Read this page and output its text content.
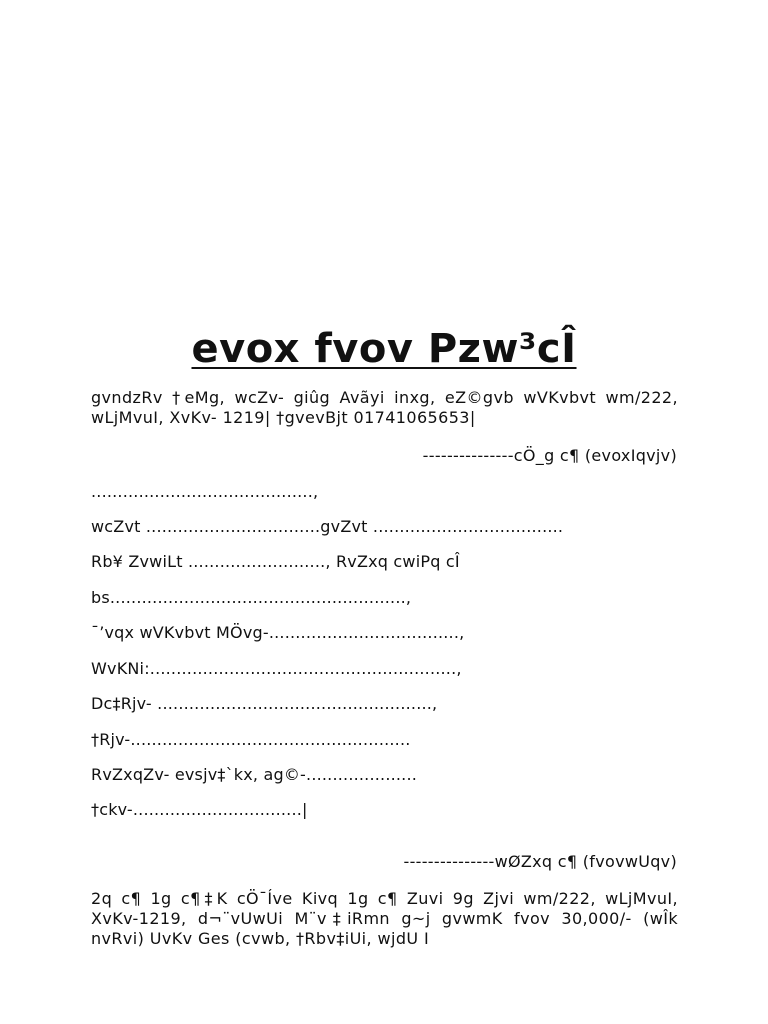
evox fvov Pzw³cÎ
gvndzRv †eMg, wcZv- giûg Avãyi inxg, eZ©gvb wVKvbvt wm/222, wLjMvuI, XvKv- 1219| †gvevBjt 01741065653|
---------------cÖ_g c¶ (evoxIqvjv)
..........................................,
wcZvt .................................gvZvt ....................................
Rb¥ ZvwiLt .........................., RvZxq cwiPq cÎ
bs........................................................,
¯’vqx wVKvbvt MÖvg-....................................,
WvKNi:..........................................................,
Dc‡Rjv- ....................................................,
†Rjv-.....................................................
RvZxqZv- evsjv‡`kx, ag©-.....................
†ckv-................................|
---------------wØZxq c¶ (fvovwUqv)
2q c¶ 1g c¶‡K cÖ¯Íve Kivq 1g c¶ Zuvi 9g Zjvi wm/222, wLjMvuI, XvKv-1219, d¬¨vUwUi M¨v‡iRmn g~j gvwmK fvov 30,000/- (wÎk nvRvi) UvKv Ges (cvwb, †Rbv‡iUi, wjdU I
